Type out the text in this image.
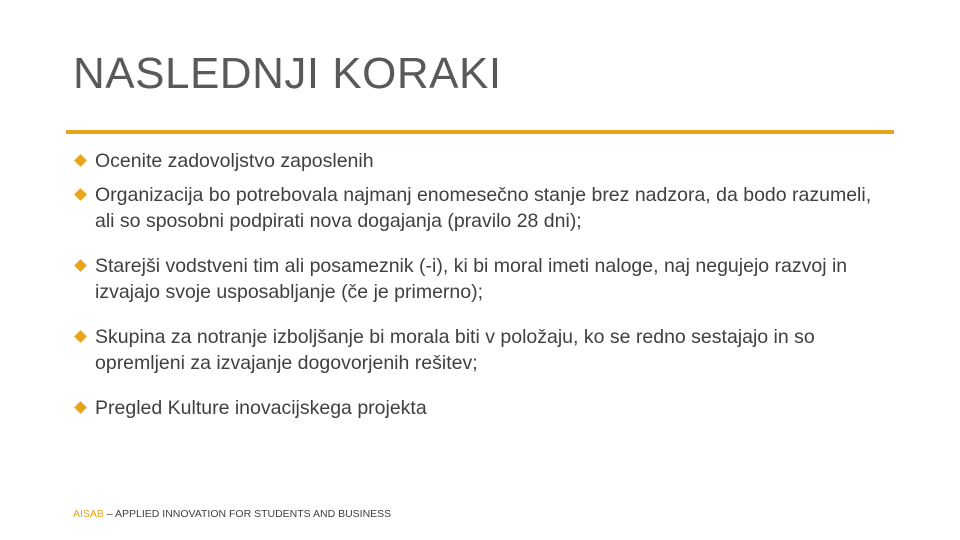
NASLEDNJI KORAKI
Ocenite zadovoljstvo zaposlenih
Organizacija bo potrebovala najmanj enomesečno stanje brez nadzora, da bodo razumeli, ali so sposobni podpirati nova dogajanja (pravilo 28 dni);
Starejši vodstveni tim ali posameznik (-i), ki bi moral imeti naloge, naj negujejo razvoj in izvajajo svoje usposabljanje (če je primerno);
Skupina za notranje izboljšanje bi morala biti v položaju, ko se redno sestajajo in so opremljeni za izvajanje dogovorjenih rešitev;
Pregled Kulture inovacijskega projekta
AISAB – APPLIED INNOVATION FOR STUDENTS AND BUSINESS
